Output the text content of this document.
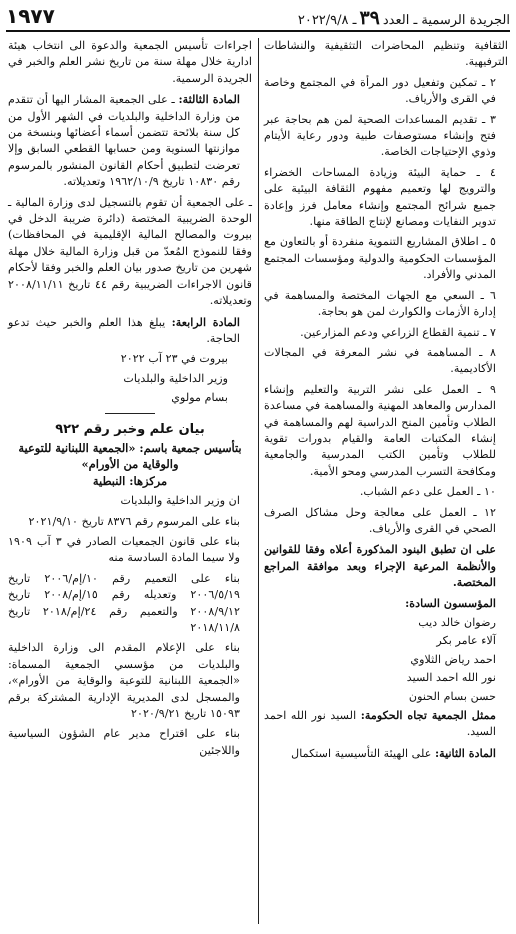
١٩٧٧	الجريدة الرسمية ـ العدد٣٩ـ ٢٠٢٢/٩/٨

الثقافية وتنظيم المحاضرات التثقيفية والنشاطات الترفيهية.

٢ ـ تمكين وتفعيل دور المرأة في المجتمع وخاصة في القرى والأرياف.

٣ ـ تقديم المساعدات الصحية لمن هم بحاجة عبر فتح وإنشاء مستوصفات طبية ودور رعاية الأيتام وذوي الإحتياجات الخاصة.

٤ ـ حماية البيئة وزيادة المساحات الخضراء والترويج لها وتعميم مفهوم الثقافة البيئية على جميع شرائح المجتمع وإنشاء معامل فرز وإعادة تدوير النفايات ومصانع لإنتاج الطاقة منها.

٥ ـ اطلاق المشاريع التنموية منفردة أو بالتعاون مع المؤسسات الحكومية والدولية ومؤسسات المجتمع المدني والأفراد.

٦ ـ السعي مع الجهات المختصة والمساهمة في إدارة الأزمات والكوارث لمن هو بحاجة.

٧ ـ تنمية القطاع الزراعي ودعم المزارعين.

٨ ـ المساهمة في نشر المعرفة في المجالات الأكاديمية.

٩ ـ العمل على نشر التربية والتعليم وإنشاء المدارس والمعاهد المهنية والمساهمة في مساعدة الطلاب وتأمين المنح الدراسية لهم والمساهمة في إنشاء المكتبات العامة والقيام بدورات تقوية للطلاب وتأمين الكتب المدرسية والجامعية ومكافحة التسرب المدرسي ومحو الأمية.

١٠ ـ العمل على دعم الشباب.

١٢ ـ العمل على معالجة وحل مشاكل الصرف الصحي في القرى والأرياف.

على ان تطبق البنود المذكورة أعلاه وفقا للقوانين والأنظمة المرعية الإجراء وبعد موافقة المراجع المختصة.

المؤسسون السادة:

رضوان خالد ديب

آلاء عامر بكر

احمد رياض الثلاوي

نور الله احمد السيد

حسن بسام الحنون

ممثل الجمعية تجاه الحكومة: السيد نور الله احمد السيد.

المادة الثانية: على الهيئة التأسيسية استكمال

اجراءات تأسيس الجمعية والدعوة الى انتخاب هيئة ادارية خلال مهلة سنة من تاريخ نشر العلم والخبر في الجريدة الرسمية.

المادة الثالثة: ـ على الجمعية المشار اليها أن تتقدم من وزارة الداخلية والبلديات في الشهر الأول من كل سنة بلائحة تتضمن أسماء أعضائها وبنسخة من موازنتها السنوية ومن حسابها القطعي السابق وإلا تعرضت لتطبيق أحكام القانون المنشور بالمرسوم رقم ١٠٨٣٠ تاريخ ١٩٦٢/١٠/٩ وتعديلاته.

ـ على الجمعية أن تقوم بالتسجيل لدى وزارة المالية ـ الوحدة الضريبية المختصة (دائرة ضريبة الدخل في بيروت والمصالح المالية الإقليمية في المحافظات) وفقا للنموذج المُعدّ من قبل وزارة المالية خلال مهلة شهرين من تاريخ صدور بيان العلم والخبر وفقا لأحكام قانون الاجراءات الضريبية رقم ٤٤ تاريخ ٢٠٠٨/١١/١١ وتعديلاته.

المادة الرابعة: يبلغ هذا العلم والخبر حيث تدعو الحاجة.

بيروت في ٢٣ آب ٢٠٢٢

وزير الداخلية والبلديات

بسام مولوي

بيان علم وخبر رقم ٩٢٢

بتأسيس جمعية باسم: «الجمعية اللبنانية للتوعية والوقاية من الأورام»

مركزها: النبطية

ان وزير الداخلية والبلديات

بناء على المرسوم رقم ٨٣٧٦ تاريخ ٢٠٢١/٩/١٠

بناء على قانون الجمعيات الصادر في ٣ آب ١٩٠٩ ولا سيما المادة السادسة منه

بناء على التعميم رقم ١٠/إم/٢٠٠٦ تاريخ ٢٠٠٦/٥/١٩ وتعديله رقم ١٥/إم/٢٠٠٨ تاريخ ٢٠٠٨/٩/١٢ والتعميم رقم ٢٤/إم/٢٠١٨ تاريخ ٢٠١٨/١١/٨

بناء على الإعلام المقدم الى وزارة الداخلية والبلديات من مؤسسي الجمعية المسماة: «الجمعية اللبنانية للتوعية والوقاية من الأورام»، والمسجل لدى المديرية الإدارية المشتركة برقم ١٥٠٩٣ تاريخ ٢٠٢٠/٩/٢١

بناء على اقتراح مدير عام الشؤون السياسية واللاجئين
